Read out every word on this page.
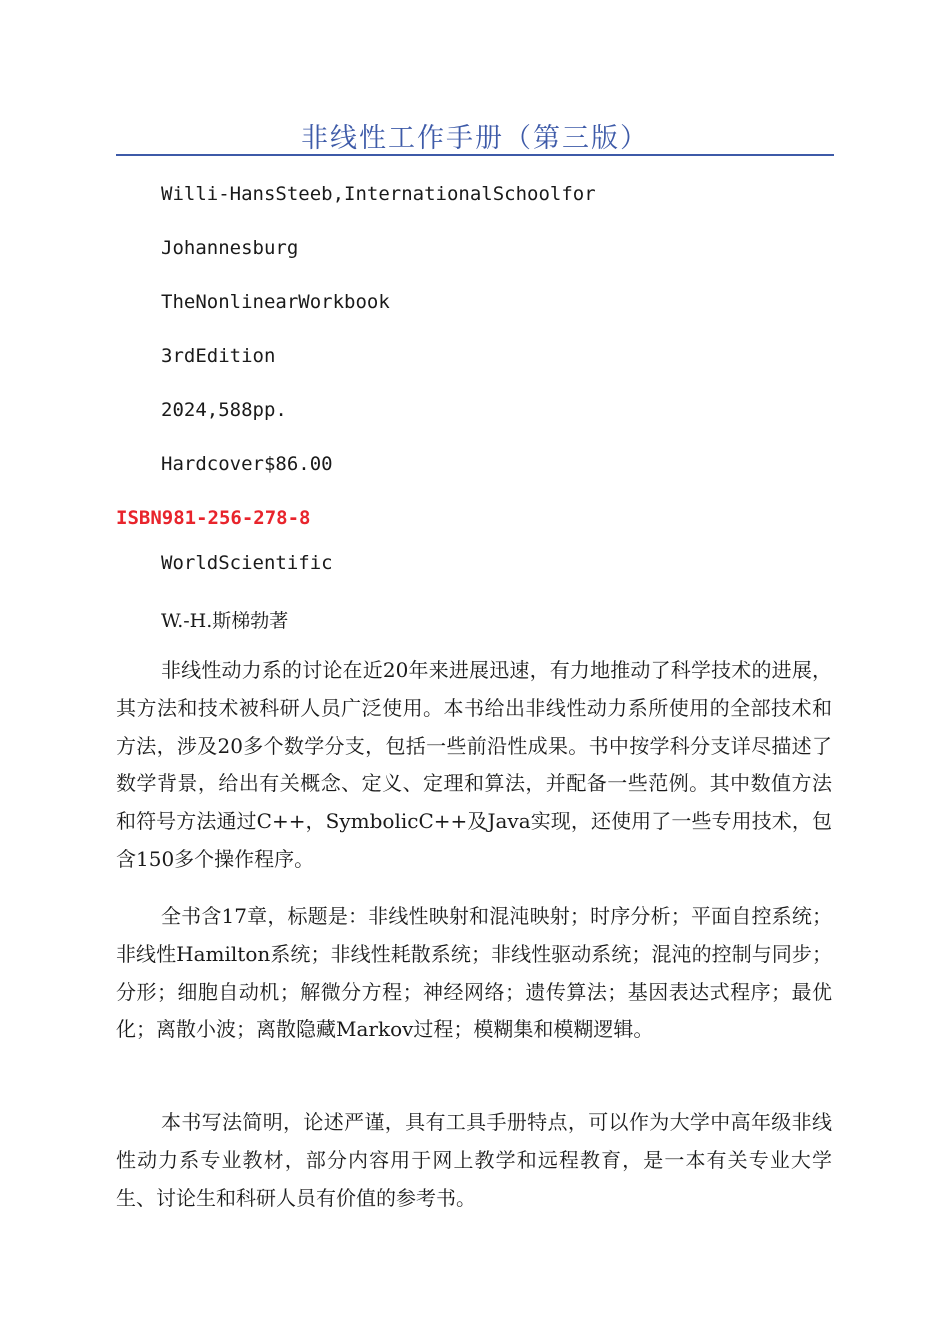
非线性工作手册（第三版）
Willi-HansSteeb,InternationalSchoolfor
Johannesburg
TheNonlinearWorkbook
3rdEdition
2024,588pp.
Hardcover$86.00
ISBN981-256-278-8
WorldScientific
W.-H.斯梯勃著
非线性动力系的讨论在近20年来进展迅速，有力地推动了科学技术的进展，其方法和技术被科研人员广泛使用。本书给出非线性动力系所使用的全部技术和方法，涉及20多个数学分支，包括一些前沿性成果。书中按学科分支详尽描述了数学背景，给出有关概念、定义、定理和算法，并配备一些范例。其中数值方法和符号方法通过C++，SymbolicC++及Java实现，还使用了一些专用技术，包含150多个操作程序。
全书含17章，标题是：非线性映射和混沌映射；时序分析；平面自控系统；非线性Hamilton系统；非线性耗散系统；非线性驱动系统；混沌的控制与同步；分形；细胞自动机；解微分方程；神经网络；遗传算法；基因表达式程序；最优化；离散小波；离散隐藏Markov过程；模糊集和模糊逻辑。
本书写法简明，论述严谨，具有工具手册特点，可以作为大学中高年级非线性动力系专业教材，部分内容用于网上教学和远程教育，是一本有关专业大学生、讨论生和科研人员有价值的参考书。
